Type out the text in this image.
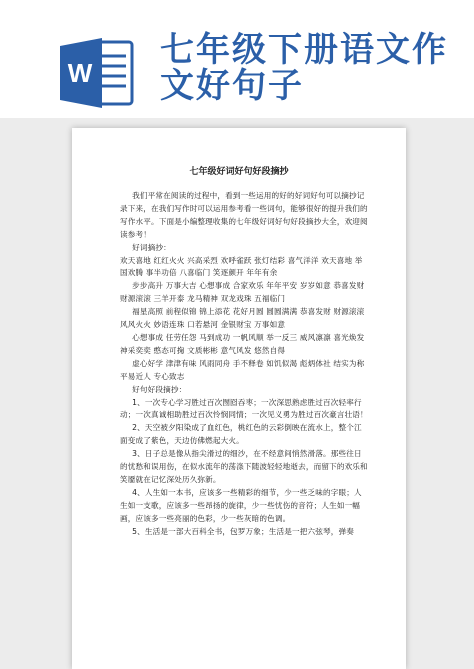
W
七年级下册语文作
文好句子
七年级好词好句好段摘抄

我们平常在阅读的过程中，看到一些运用的好的好词好句可以摘抄记录下来，在我们写作时可以运用参考看一些词句，能够很好的提升我们的写作水平。下面是小编整理收集的七年级好词好句好段摘抄大全，欢迎阅读参考！

好词摘抄：

欢天喜地 红红火火 兴高采烈 欢呼雀跃 张灯结彩 喜气洋洋 欢天喜地 举国欢腾 事半功倍 八喜临门 笑逐颜开 年年有余

步步高升 万事大吉 心想事成 合家欢乐 年年平安 岁岁如意 恭喜发财 财源滚滚 三羊开泰 龙马精神 双龙戏珠 五福临门

福星高照 前程似锦 锦上添花 花好月圆 圆圆满满 恭喜发财 财源滚滚 风风火火 妙语连珠 口若悬河 金银财宝 万事如意

心想事成 任劳任怨 马到成功 一帆风顺 举一反三 威风凛凛 喜光焕发 神采奕奕 憨态可掬 文质彬彬 意气风发 悠然自得

虚心好学 津津有味 风雨同舟 手不释卷 如饥似渴 彪炳体社 结实为称 平易近人 专心致志

好句好段摘抄：

1、一次专心学习胜过百次囫囵吞枣；一次深思熟虑胜过百次轻率行动；一次真诚相助胜过百次怜悯同情；一次见义勇为胜过百次豪言壮语！

2、天空被夕阳染成了血红色，桃红色的云彩倒映在流水上，整个江面变成了紫色，天边仿佛燃起大火。

3、日子总是像从指尖滑过的细沙，在不经意间悄然滑落。那些往日的忧愁和误用伤，在似水流年的荡涤下随波轻轻地逝去，而留下的欢乐和笑靥就在记忆深处历久弥新。

4、人生如一本书，应该多一些精彩的细节，少一些乏味的字眼；人生如一支歌，应该多一些昂扬的旋律，少一些忧伤的音符；人生如一幅画，应该多一些亮丽的色彩，少一些灰暗的色调。

5、生活是一部大百科全书，包罗万象；生活是一把六弦琴，弹奏
